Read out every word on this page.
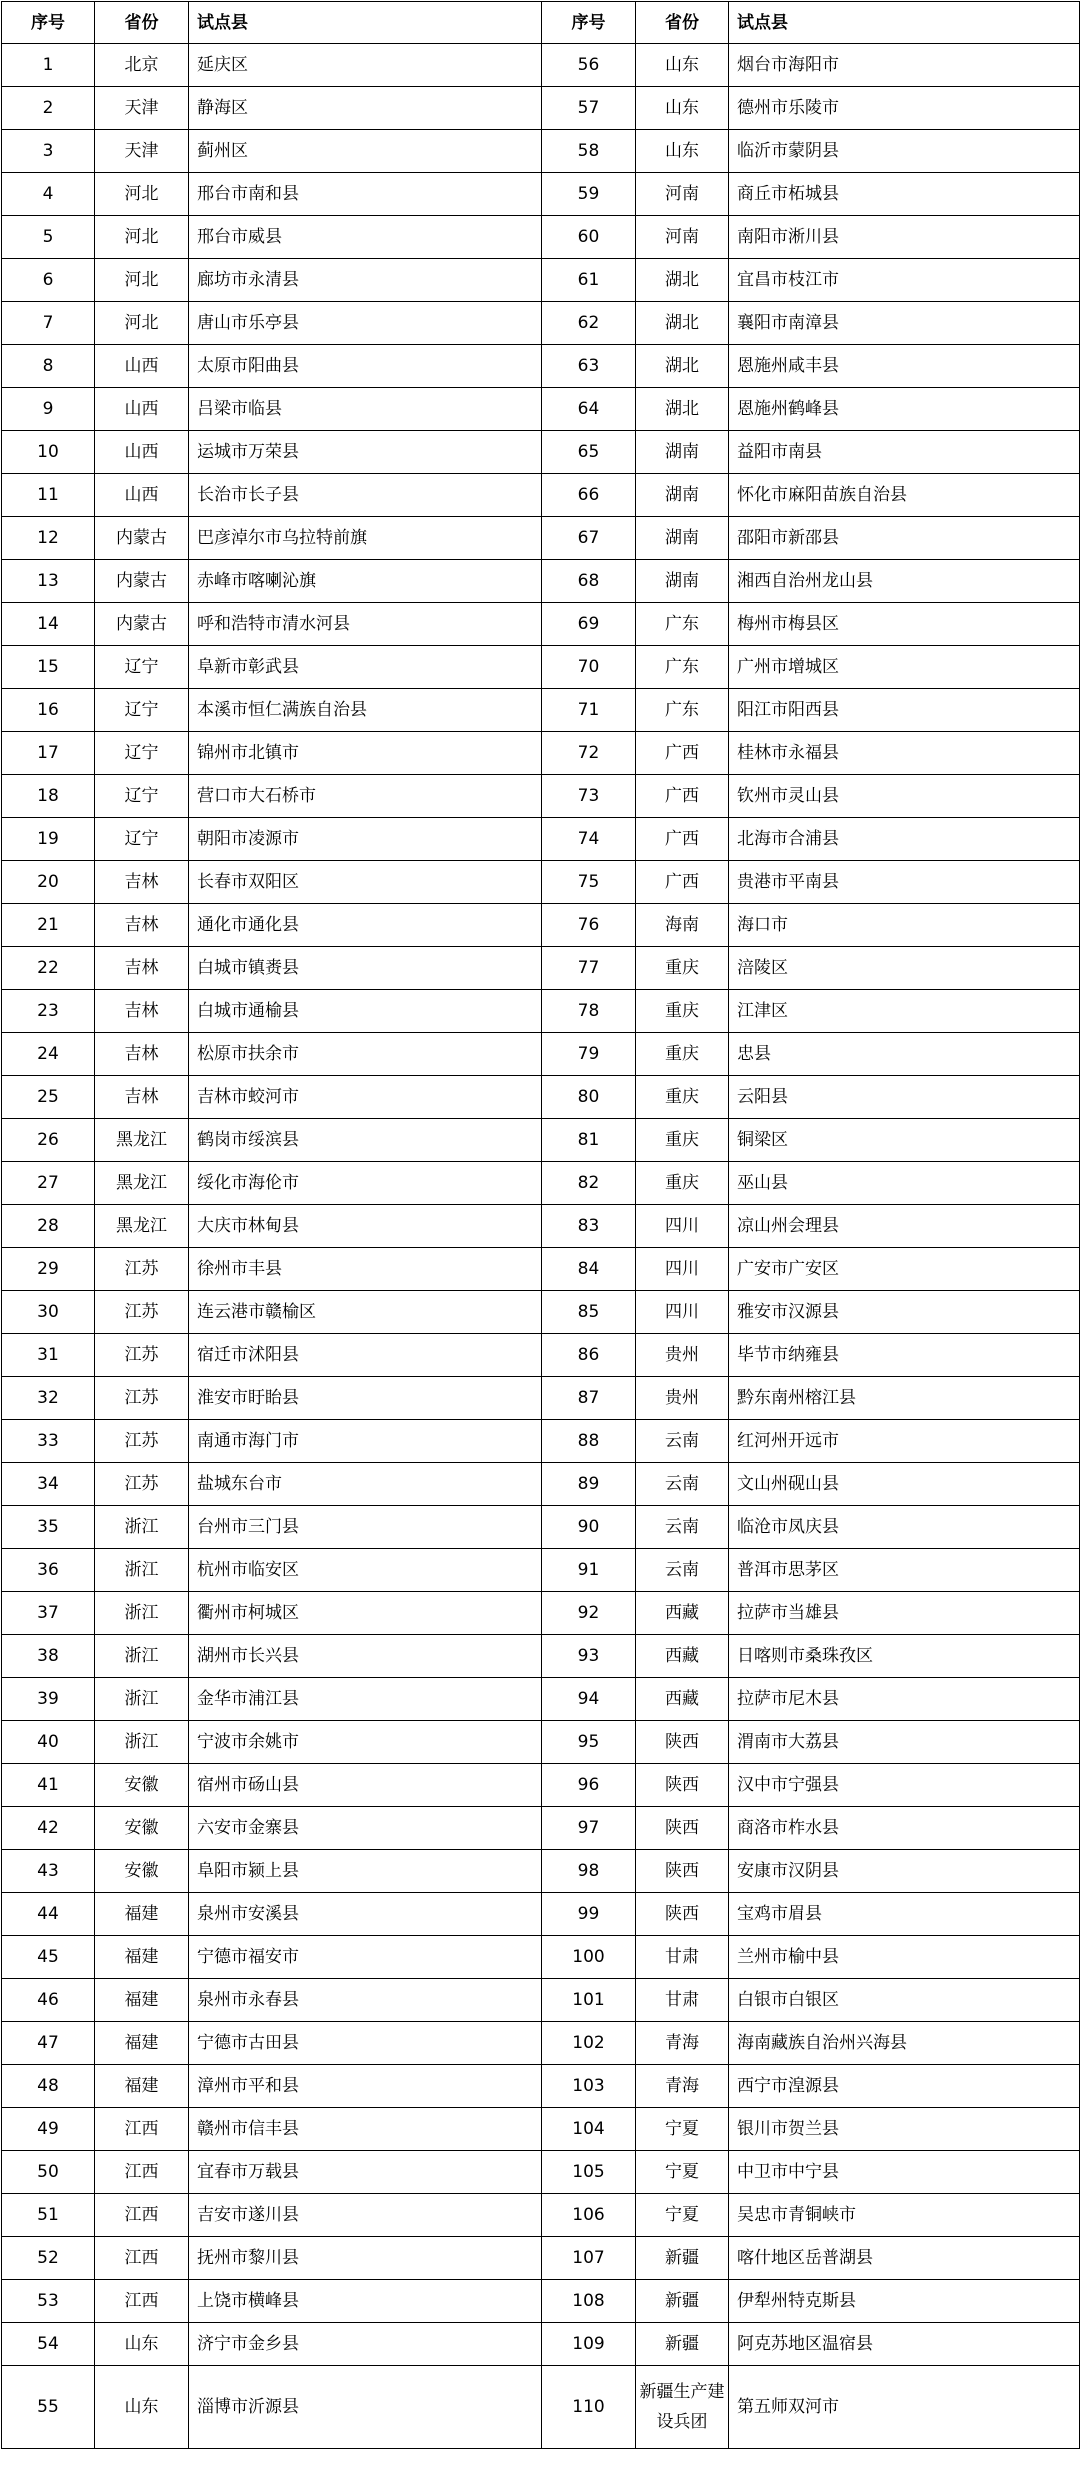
序号	省份	试点县	序号	省份	试点县
1	北京	延庆区	56	山东	烟台市海阳市
2	天津	静海区	57	山东	德州市乐陵市
3	天津	蓟州区	58	山东	临沂市蒙阴县
4	河北	邢台市南和县	59	河南	商丘市柘城县
5	河北	邢台市威县	60	河南	南阳市淅川县
6	河北	廊坊市永清县	61	湖北	宜昌市枝江市
7	河北	唐山市乐亭县	62	湖北	襄阳市南漳县
8	山西	太原市阳曲县	63	湖北	恩施州咸丰县
9	山西	吕梁市临县	64	湖北	恩施州鹤峰县
10	山西	运城市万荣县	65	湖南	益阳市南县
11	山西	长治市长子县	66	湖南	怀化市麻阳苗族自治县
12	内蒙古	巴彦淖尔市乌拉特前旗	67	湖南	邵阳市新邵县
13	内蒙古	赤峰市喀喇沁旗	68	湖南	湘西自治州龙山县
14	内蒙古	呼和浩特市清水河县	69	广东	梅州市梅县区
15	辽宁	阜新市彰武县	70	广东	广州市增城区
16	辽宁	本溪市恒仁满族自治县	71	广东	阳江市阳西县
17	辽宁	锦州市北镇市	72	广西	桂林市永福县
18	辽宁	营口市大石桥市	73	广西	钦州市灵山县
19	辽宁	朝阳市凌源市	74	广西	北海市合浦县
20	吉林	长春市双阳区	75	广西	贵港市平南县
21	吉林	通化市通化县	76	海南	海口市
22	吉林	白城市镇赉县	77	重庆	涪陵区
23	吉林	白城市通榆县	78	重庆	江津区
24	吉林	松原市扶余市	79	重庆	忠县
25	吉林	吉林市蛟河市	80	重庆	云阳县
26	黑龙江	鹤岗市绥滨县	81	重庆	铜梁区
27	黑龙江	绥化市海伦市	82	重庆	巫山县
28	黑龙江	大庆市林甸县	83	四川	凉山州会理县
29	江苏	徐州市丰县	84	四川	广安市广安区
30	江苏	连云港市赣榆区	85	四川	雅安市汉源县
31	江苏	宿迁市沭阳县	86	贵州	毕节市纳雍县
32	江苏	淮安市盱眙县	87	贵州	黔东南州榕江县
33	江苏	南通市海门市	88	云南	红河州开远市
34	江苏	盐城东台市	89	云南	文山州砚山县
35	浙江	台州市三门县	90	云南	临沧市凤庆县
36	浙江	杭州市临安区	91	云南	普洱市思茅区
37	浙江	衢州市柯城区	92	西藏	拉萨市当雄县
38	浙江	湖州市长兴县	93	西藏	日喀则市桑珠孜区
39	浙江	金华市浦江县	94	西藏	拉萨市尼木县
40	浙江	宁波市余姚市	95	陕西	渭南市大荔县
41	安徽	宿州市砀山县	96	陕西	汉中市宁强县
42	安徽	六安市金寨县	97	陕西	商洛市柞水县
43	安徽	阜阳市颍上县	98	陕西	安康市汉阴县
44	福建	泉州市安溪县	99	陕西	宝鸡市眉县
45	福建	宁德市福安市	100	甘肃	兰州市榆中县
46	福建	泉州市永春县	101	甘肃	白银市白银区
47	福建	宁德市古田县	102	青海	海南藏族自治州兴海县
48	福建	漳州市平和县	103	青海	西宁市湟源县
49	江西	赣州市信丰县	104	宁夏	银川市贺兰县
50	江西	宜春市万载县	105	宁夏	中卫市中宁县
51	江西	吉安市遂川县	106	宁夏	吴忠市青铜峡市
52	江西	抚州市黎川县	107	新疆	喀什地区岳普湖县
53	江西	上饶市横峰县	108	新疆	伊犁州特克斯县
54	山东	济宁市金乡县	109	新疆	阿克苏地区温宿县
55	山东	淄博市沂源县	110	新疆生产建设兵团	第五师双河市
